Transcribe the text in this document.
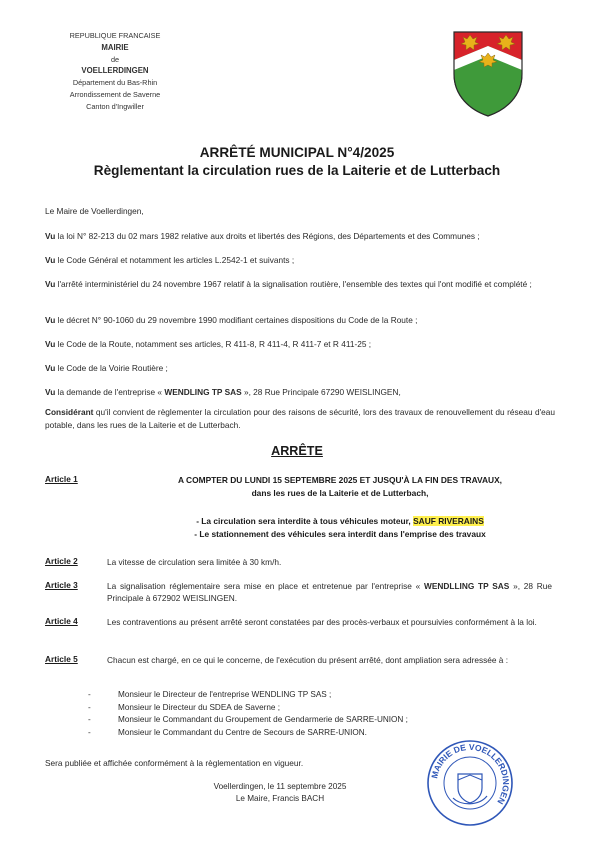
REPUBLIQUE FRANCAISE
MAIRIE
de
VOELLERDINGEN
Département du Bas-Rhin
Arrondissement de Saverne
Canton d'Ingwiller
ARRÊTÉ MUNICIPAL N°4/2025
Règlementant la circulation rues de la Laiterie et de Lutterbach
Le Maire de Voellerdingen,
Vu la loi N° 82-213 du 02 mars 1982 relative aux droits et libertés des Régions, des Départements et des Communes ;
Vu le Code Général et notamment les articles L.2542-1 et suivants ;
Vu l'arrêté interministériel du 24 novembre 1967 relatif à la signalisation routière, l'ensemble des textes qui l'ont modifié et complété ;
Vu le décret N° 90-1060 du 29 novembre 1990 modifiant certaines dispositions du Code de la Route ;
Vu le Code de la Route, notamment ses articles, R 411-8, R 411-4, R 411-7 et R 411-25 ;
Vu le Code de la Voirie Routière ;
Vu la demande de l'entreprise « WENDLING TP SAS », 28 Rue Principale 67290 WEISLINGEN,
Considérant qu'il convient de règlementer la circulation pour des raisons de sécurité, lors des travaux de renouvellement du réseau d'eau potable, dans les rues de la Laiterie et de Lutterbach.
ARRÊTE
Article 1	A COMPTER DU LUNDI 15 SEPTEMBRE 2025 ET JUSQU'À LA FIN DES TRAVAUX,
dans les rues de la Laiterie et de Lutterbach,
- La circulation sera interdite à tous véhicules moteur, SAUF RIVERAINS
- Le stationnement des véhicules sera interdit dans l'emprise des travaux
Article 2	La vitesse de circulation sera limitée à 30 km/h.
Article 3	La signalisation réglementaire sera mise en place et entretenue par l'entreprise « WENDLLING TP SAS », 28 Rue Principale à 672902 WEISLINGEN.
Article 4	Les contraventions au présent arrêté seront constatées par des procès-verbaux et poursuivies conformément à la loi.
Article 5	Chacun est chargé, en ce qui le concerne, de l'exécution du présent arrêté, dont ampliation sera adressée à :
-	Monsieur le Directeur de l'entreprise WENDLING TP SAS ;
-	Monsieur le Directeur du SDEA de Saverne ;
-	Monsieur le Commandant du Groupement de Gendarmerie de SARRE-UNION ;
-	Monsieur le Commandant du Centre de Secours de SARRE-UNION.
Sera publiée et affichée conformément à la règlementation en vigueur.
Voellerdingen, le 11 septembre 2025
Le Maire, Francis BACH
MAIRIE DE VOELLERDINGEN
